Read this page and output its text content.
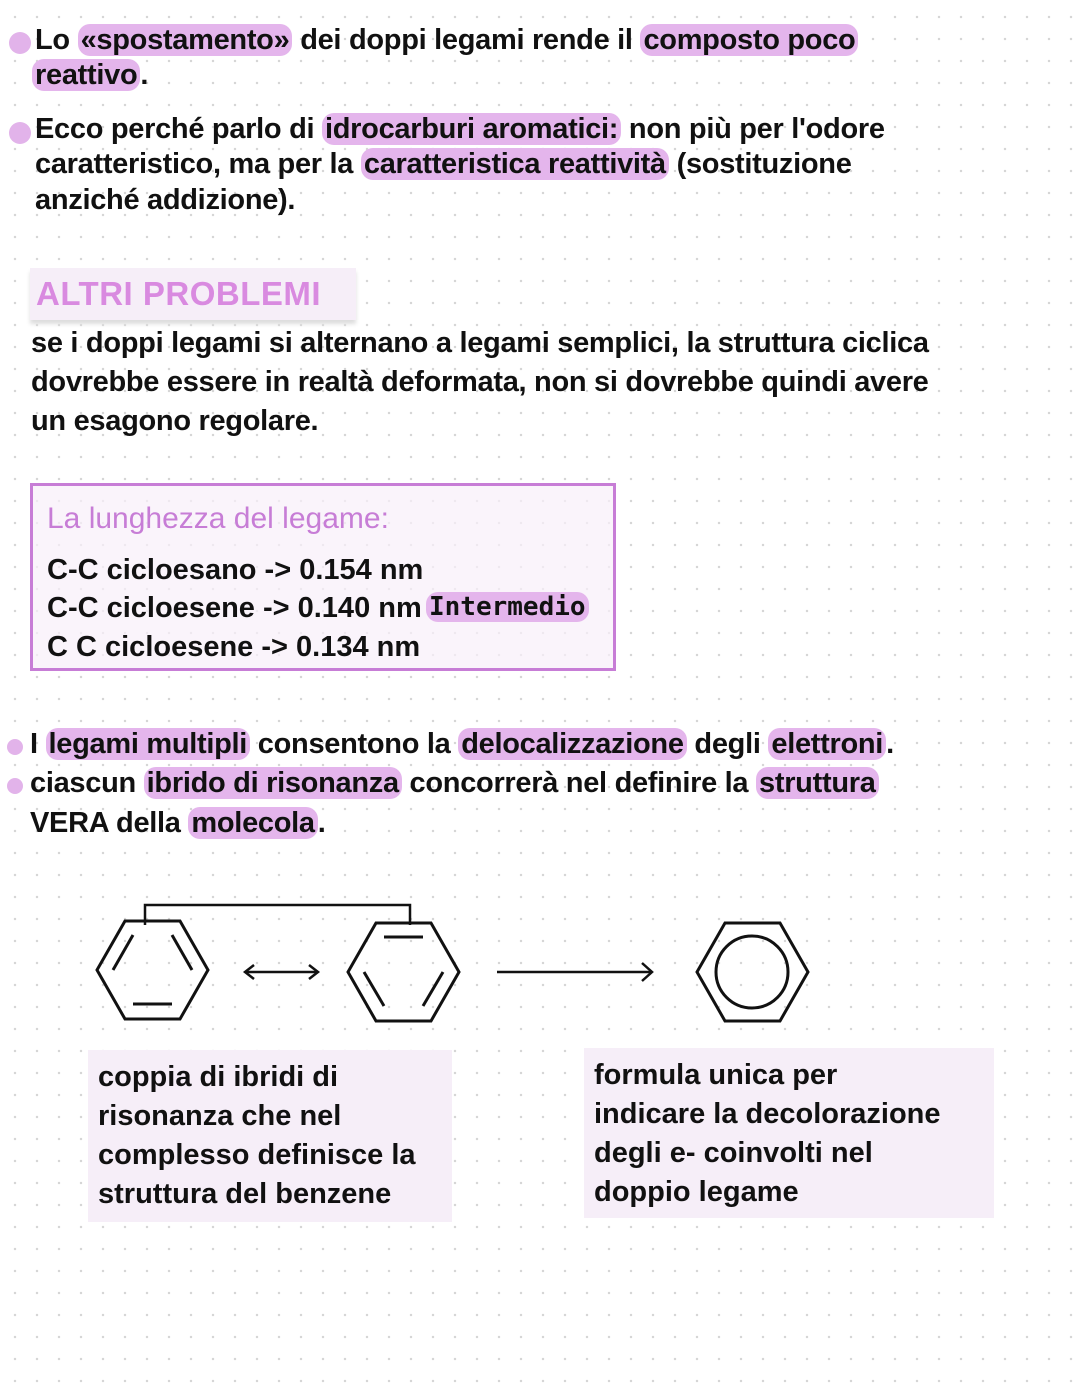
Lo «spostamento» dei doppi legami rende il composto poco
reattivo .
Ecco perché parlo di idrocarburi aromatici: non più per l'odore
caratteristico, ma per la caratteristica reattività (sostituzione
anziché addizione).
ALTRI PROBLEMI
se i doppi legami si alternano a legami semplici, la struttura ciclica
dovrebbe essere in realtà deformata, non si dovrebbe quindi avere
un esagono regolare.
La lunghezza del legame:
C-C cicloesano -> 0.154 nm
C-C cicloesene -> 0.140 nm
C C cicloesene -> 0.134 nm
Intermedio
I legami multipli consentono la delocalizzazione degli elettroni .
ciascun ibrido di risonanza concorrerà nel definire la struttura
VERA della molecola .
coppia di ibridi di
risonanza che nel
complesso definisce la
struttura del benzene
formula unica per
indicare la decolorazione
degli e- coinvolti nel
doppio legame
